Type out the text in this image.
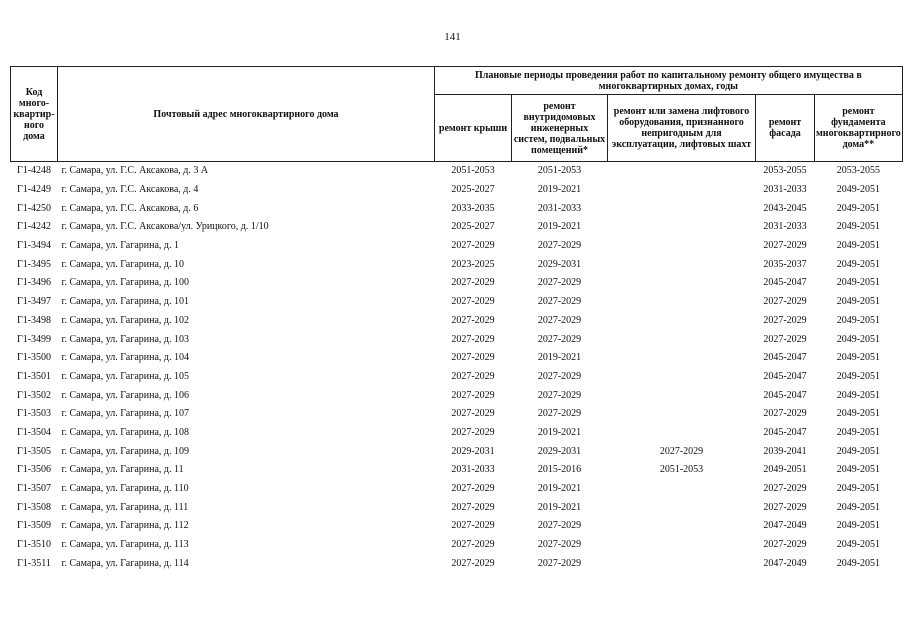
141
Код много-квартир-ного дома	Почтовый адрес многоквартирного дома	Плановые периоды проведения работ по капитальному ремонту общего имущества в многоквартирных домах, годы				
		ремонт крыши	ремонт внутридомовых инженерных систем, подвальных помещений*	ремонт или замена лифтового оборудования, признанного непригодным для эксплуатации, лифтовых шахт	ремонт фасада	ремонт фундамента многоквартирного дома**
Г1-4248	г. Самара, ул. Г.С. Аксакова, д. 3 А	2051-2053	2051-2053		2053-2055	2053-2055
Г1-4249	г. Самара, ул. Г.С. Аксакова, д. 4	2025-2027	2019-2021		2031-2033	2049-2051
Г1-4250	г. Самара, ул. Г.С. Аксакова, д. 6	2033-2035	2031-2033		2043-2045	2049-2051
Г1-4242	г. Самара, ул. Г.С. Аксакова/ул. Урицкого, д. 1/10	2025-2027	2019-2021		2031-2033	2049-2051
Г1-3494	г. Самара, ул. Гагарина, д. 1	2027-2029	2027-2029		2027-2029	2049-2051
Г1-3495	г. Самара, ул. Гагарина, д. 10	2023-2025	2029-2031		2035-2037	2049-2051
Г1-3496	г. Самара, ул. Гагарина, д. 100	2027-2029	2027-2029		2045-2047	2049-2051
Г1-3497	г. Самара, ул. Гагарина, д. 101	2027-2029	2027-2029		2027-2029	2049-2051
Г1-3498	г. Самара, ул. Гагарина, д. 102	2027-2029	2027-2029		2027-2029	2049-2051
Г1-3499	г. Самара, ул. Гагарина, д. 103	2027-2029	2027-2029		2027-2029	2049-2051
Г1-3500	г. Самара, ул. Гагарина, д. 104	2027-2029	2019-2021		2045-2047	2049-2051
Г1-3501	г. Самара, ул. Гагарина, д. 105	2027-2029	2027-2029		2045-2047	2049-2051
Г1-3502	г. Самара, ул. Гагарина, д. 106	2027-2029	2027-2029		2045-2047	2049-2051
Г1-3503	г. Самара, ул. Гагарина, д. 107	2027-2029	2027-2029		2027-2029	2049-2051
Г1-3504	г. Самара, ул. Гагарина, д. 108	2027-2029	2019-2021		2045-2047	2049-2051
Г1-3505	г. Самара, ул. Гагарина, д. 109	2029-2031	2029-2031	2027-2029	2039-2041	2049-2051
Г1-3506	г. Самара, ул. Гагарина, д. 11	2031-2033	2015-2016	2051-2053	2049-2051	2049-2051
Г1-3507	г. Самара, ул. Гагарина, д. 110	2027-2029	2019-2021		2027-2029	2049-2051
Г1-3508	г. Самара, ул. Гагарина, д. 111	2027-2029	2019-2021		2027-2029	2049-2051
Г1-3509	г. Самара, ул. Гагарина, д. 112	2027-2029	2027-2029		2047-2049	2049-2051
Г1-3510	г. Самара, ул. Гагарина, д. 113	2027-2029	2027-2029		2027-2029	2049-2051
Г1-3511	г. Самара, ул. Гагарина, д. 114	2027-2029	2027-2029		2047-2049	2049-2051
